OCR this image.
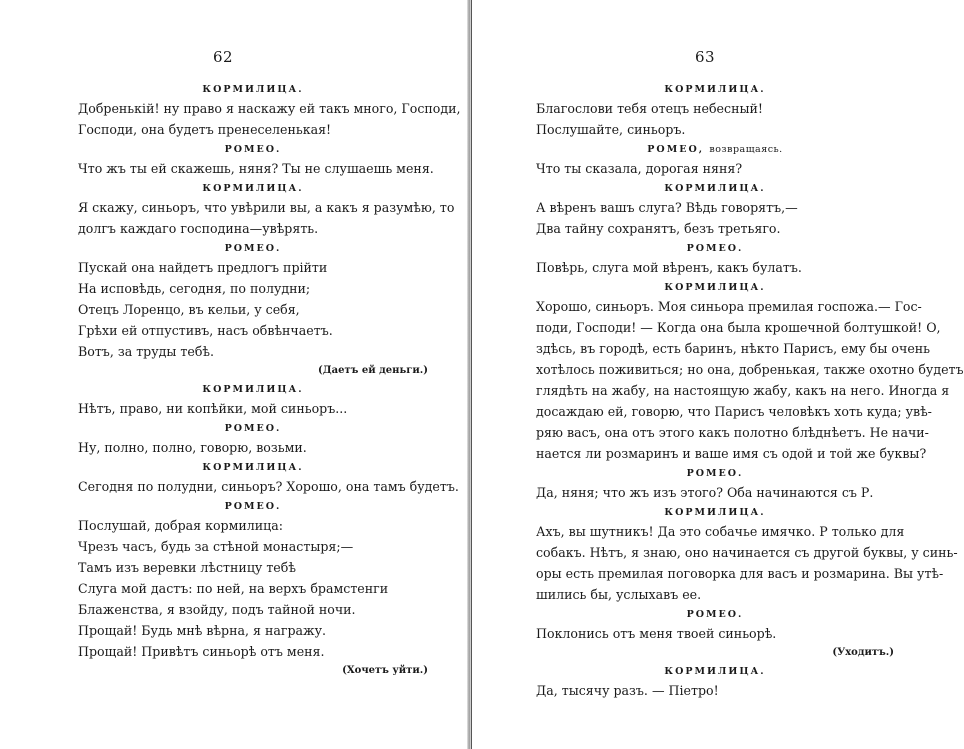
62
КОРМИЛИЦА.
Добренькій! ну право я наскажу ей такъ много, Господи,
Господи, она будетъ пренеселенькая!
РОМЕО.
Что жъ ты ей скажешь, няня? Ты не слушаешь меня.
КОРМИЛИЦА.
Я скажу, синьоръ, что увѣрили вы, а какъ я разумѣю, то
долгъ каждаго господина—увѣрять.
РОМЕО.
Пускай она найдетъ предлогъ прійти
На исповѣдь, сегодня, по полудни;
Отецъ Лоренцо, въ кельи, у себя,
Грѣхи ей отпустивъ, насъ обвѣнчаетъ.
Вотъ, за труды тебѣ.
(Даетъ ей деньги.)
КОРМИЛИЦА.
Нѣтъ, право, ни копѣйки, мой синьоръ...
РОМЕО.
Ну, полно, полно, говорю, возьми.
КОРМИЛИЦА.
Сегодня по полудни, синьоръ? Хорошо, она тамъ будетъ.
РОМЕО.
Послушай, добрая кормилица:
Чрезъ часъ, будь за стѣной монастыря;—
Тамъ изъ веревки лѣстницу тебѣ
Слуга мой дастъ: по ней, на верхъ брамстенги
Блаженства, я взойду, подъ тайной ночи.
Прощай! Будь мнѣ вѣрна, я награжу.
Прощай! Привѣтъ синьорѣ отъ меня.
(Хочетъ уйти.)
63
КОРМИЛИЦА.
Благослови тебя отецъ небесный!
Послушайте, синьоръ.
РОМЕО, возвращаясь.
Что ты сказала, дорогая няня?
КОРМИЛИЦА.
А вѣренъ вашъ слуга? Вѣдь говорятъ,—
Два тайну сохранятъ, безъ третьяго.
РОМЕО.
Повѣрь, слуга мой вѣренъ, какъ булатъ.
КОРМИЛИЦА.
Хорошо, синьоръ. Моя синьора премилая госпожа.— Гос-
поди, Господи! — Когда она была крошечной болтушкой! О,
здѣсь, въ городѣ, есть баринъ, нѣкто Парисъ, ему бы очень
хотѣлось поживиться; но она, добренькая, также охотно будетъ
глядѣть на жабу, на настоящую жабу, какъ на него. Иногда я
досаждаю ей, говорю, что Парисъ человѣкъ хоть куда; увѣ-
ряю васъ, она отъ этого какъ полотно блѣднѣетъ. Не начи-
нается ли розмаринъ и ваше имя съ одой и той же буквы?
РОМЕО.
Да, няня; что жъ изъ этого? Оба начинаются съ Р.
КОРМИЛИЦА.
Ахъ, вы шутникъ! Да это собачье имячко. Р только для
собакъ. Нѣтъ, я знаю, оно начинается съ другой буквы, у синь-
оры есть премилая поговорка для васъ и розмарина. Вы утѣ-
шились бы, услыхавъ ее.
РОМЕО.
Поклонись отъ меня твоей синьорѣ.
(Уходитъ.)
КОРМИЛИЦА.
Да, тысячу разъ. — Піетро!
